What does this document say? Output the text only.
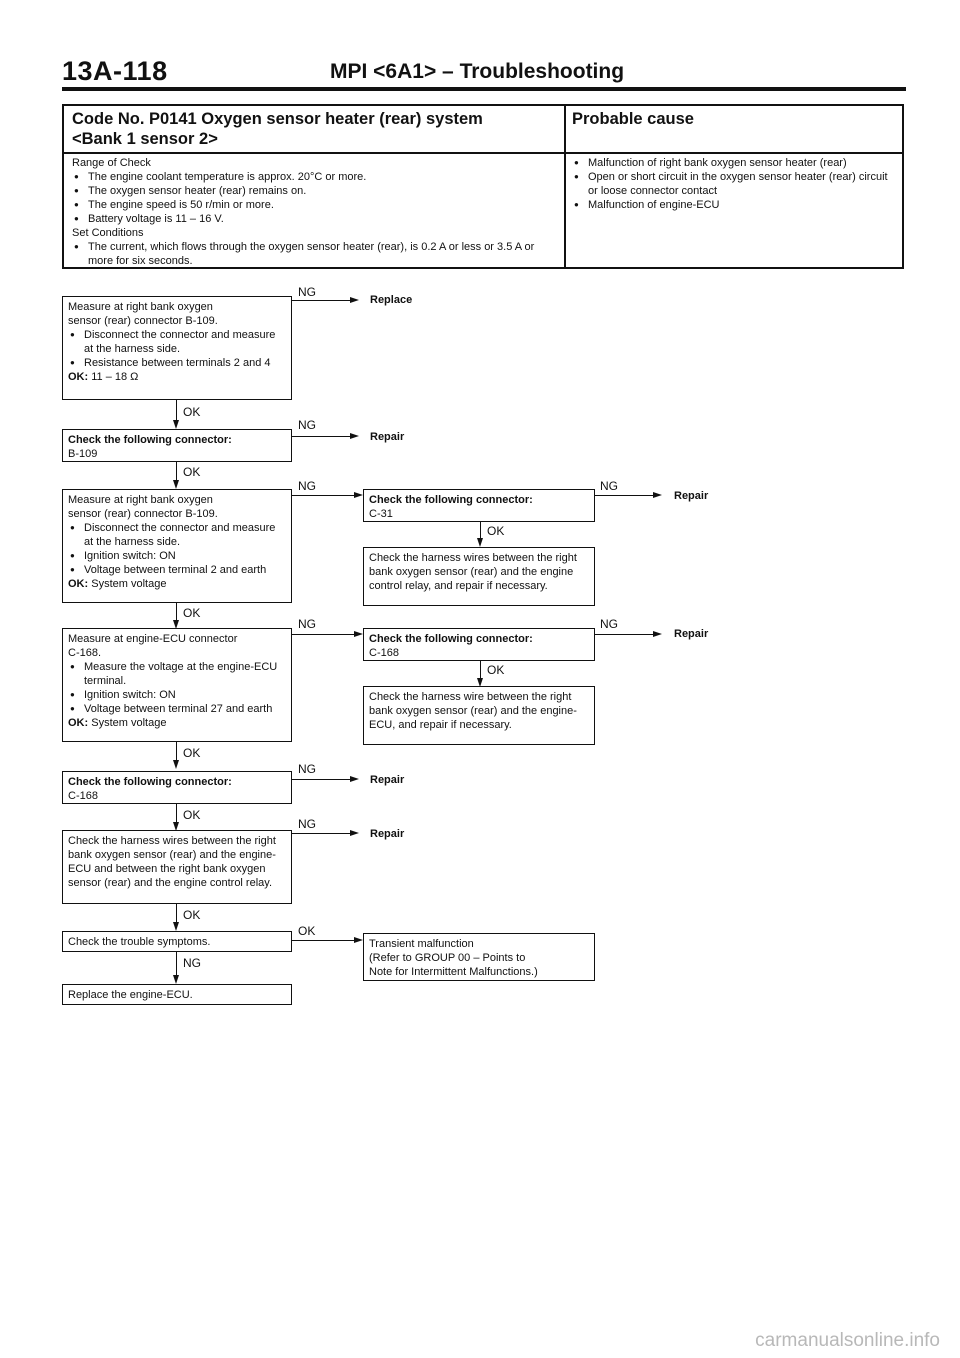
13A-118	MPI <6A1> – Troubleshooting
Code No. P0141 Oxygen sensor heater (rear) system
<Bank 1 sensor 2>
Probable cause
Range of Check
● The engine coolant temperature is approx. 20°C or more.
● The oxygen sensor heater (rear) remains on.
● The engine speed is 50 r/min or more.
● Battery voltage is 11 – 16 V.
Set Conditions
● The current, which flows through the oxygen sensor heater (rear), is 0.2 A or less or 3.5 A or more for six seconds.
● Malfunction of right bank oxygen sensor heater (rear)
● Open or short circuit in the oxygen sensor heater (rear) circuit or loose connector contact
● Malfunction of engine-ECU
Measure at right bank oxygen
sensor (rear) connector B-109.
● Disconnect the connector and measure at the harness side.
● Resistance between terminals 2 and 4
OK: 11 – 18 Ω
NG
Replace
OK
Check the following connector:
B-109
NG
Repair
OK
Measure at right bank oxygen
sensor (rear) connector B-109.
● Disconnect the connector and measure at the harness side.
● Ignition switch: ON
● Voltage between terminal 2 and earth
OK: System voltage
NG
Check the following connector:
C-31
NG
Repair
OK
Check the harness wires between the right bank oxygen sensor (rear) and the engine control relay, and repair if necessary.
OK
Measure at engine-ECU connector
C-168.
● Measure the voltage at the engine-ECU terminal.
● Ignition switch: ON
● Voltage between terminal 27 and earth
OK: System voltage
NG
Check the following connector:
C-168
NG
Repair
OK
Check the harness wire between the right bank oxygen sensor (rear) and the engine-ECU, and repair if necessary.
OK
Check the following connector:
C-168
NG
Repair
OK
Check the harness wires between the right bank oxygen sensor (rear) and the engine-ECU and between the right bank oxygen sensor (rear) and the engine control relay.
NG
Repair
OK
Check the trouble symptoms.
OK
Transient malfunction
(Refer to GROUP 00 – Points to
Note for Intermittent Malfunctions.)
NG
Replace the engine-ECU.
carmanualsonline.info
